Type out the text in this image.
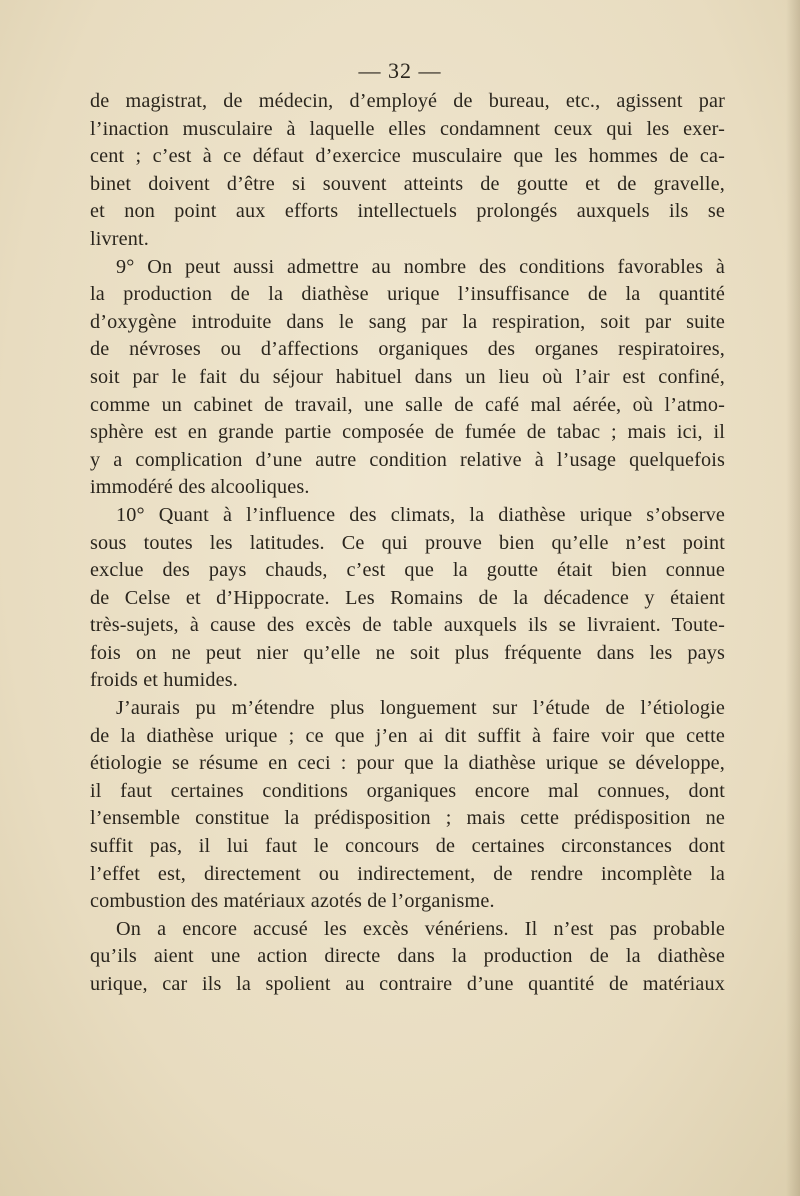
— 32 —
de magistrat, de médecin, d’employé de bureau, etc., agissent par
l’inaction musculaire à laquelle elles condamnent ceux qui les exer-
cent ; c’est à ce défaut d’exercice musculaire que les hommes de ca-
binet doivent d’être si souvent atteints de goutte et de gravelle,
et non point aux efforts intellectuels prolongés auxquels ils se
livrent.
9° On peut aussi admettre au nombre des conditions favorables à
la production de la diathèse urique l’insuffisance de la quantité
d’oxygène introduite dans le sang par la respiration, soit par suite
de névroses ou d’affections organiques des organes respiratoires,
soit par le fait du séjour habituel dans un lieu où l’air est confiné,
comme un cabinet de travail, une salle de café mal aérée, où l’atmo-
sphère est en grande partie composée de fumée de tabac ; mais ici, il
y a complication d’une autre condition relative à l’usage quelquefois
immodéré des alcooliques.
10° Quant à l’influence des climats, la diathèse urique s’observe
sous toutes les latitudes. Ce qui prouve bien qu’elle n’est point
exclue des pays chauds, c’est que la goutte était bien connue
de Celse et d’Hippocrate. Les Romains de la décadence y étaient
très-sujets, à cause des excès de table auxquels ils se livraient. Toute-
fois on ne peut nier qu’elle ne soit plus fréquente dans les pays
froids et humides.
J’aurais pu m’étendre plus longuement sur l’étude de l’étiologie
de la diathèse urique ; ce que j’en ai dit suffit à faire voir que cette
étiologie se résume en ceci : pour que la diathèse urique se développe,
il faut certaines conditions organiques encore mal connues, dont
l’ensemble constitue la prédisposition ; mais cette prédisposition ne
suffit pas, il lui faut le concours de certaines circonstances dont
l’effet est, directement ou indirectement, de rendre incomplète la
combustion des matériaux azotés de l’organisme.
On a encore accusé les excès vénériens. Il n’est pas probable
qu’ils aient une action directe dans la production de la diathèse
urique, car ils la spolient au contraire d’une quantité de matériaux
